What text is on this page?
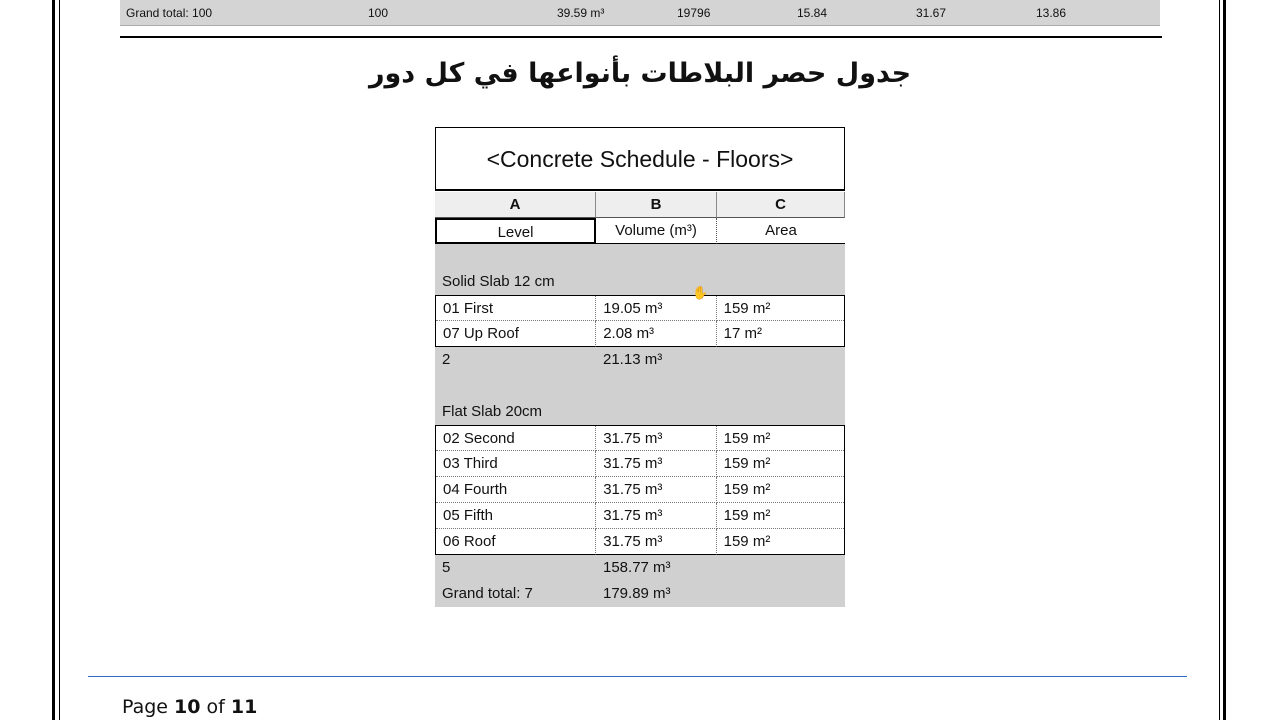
Grand total: 100	100	39.59 m³	19796	15.84	31.67	13.86
جدول حصر البلاطات بأنواعها في كل دور
<Concrete Schedule - Floors>
A	B	C
Level	Volume (m³)	Area
Solid Slab 12 cm
01 First	19.05 m³	159 m²
07 Up Roof	2.08 m³	17 m²
2	21.13 m³
Flat Slab 20cm
02 Second	31.75 m³	159 m²
03 Third	31.75 m³	159 m²
04 Fourth	31.75 m³	159 m²
05 Fifth	31.75 m³	159 m²
06 Roof	31.75 m³	159 m²
5	158.77 m³
Grand total: 7	179.89 m³
✋
Page 10 of 11
